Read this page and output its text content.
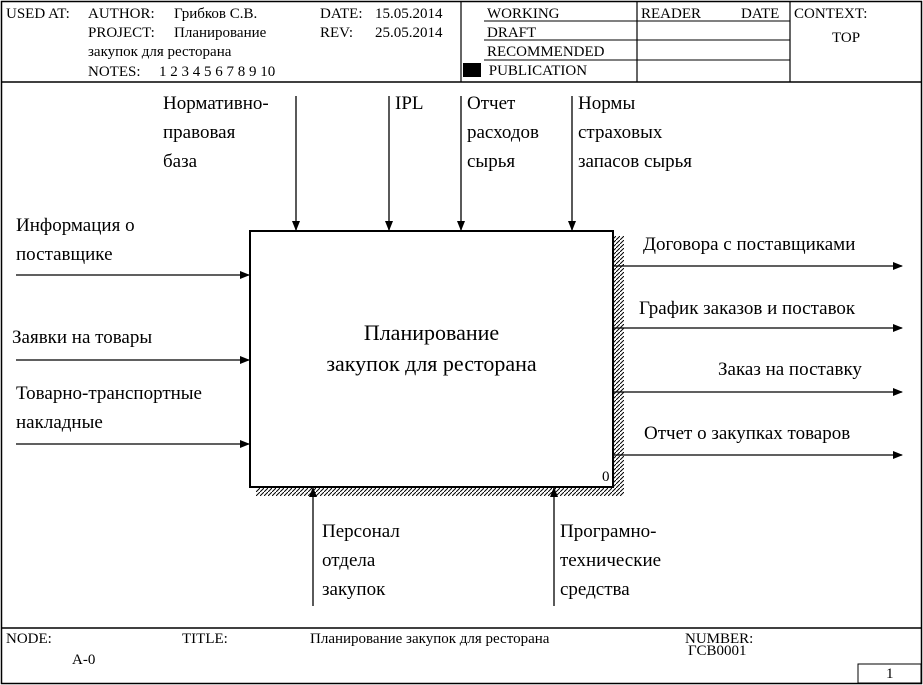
USED AT: AUTHOR: Грибков С.В.	DATE: 15.05.2014
PROJECT: Планирование	REV: 25.05.2014
закупок для ресторана
NOTES: 1 2 3 4 5 6 7 8 9 10
WORKING
DRAFT
RECOMMENDED
PUBLICATION
READER	DATE CONTEXT:
TOP
Нормативно-
правовая
база
IPL Отчет
расходов
сырья
Нормы
страховых
запасов сырья
Информация о
поставщике
Заявки на товары
Товарно-транспортные
накладные
Планирование
закупок для ресторана
0
Договора с поставщиками
График заказов и поставок
Заказ на поставку
Отчет о закупках товаров
Персонал
отдела
закупок
Програмно-
технические
средства
NODE:
A-0
TITLE:	Планирование закупок для ресторана	NUMBER:
ГСВ0001
1
